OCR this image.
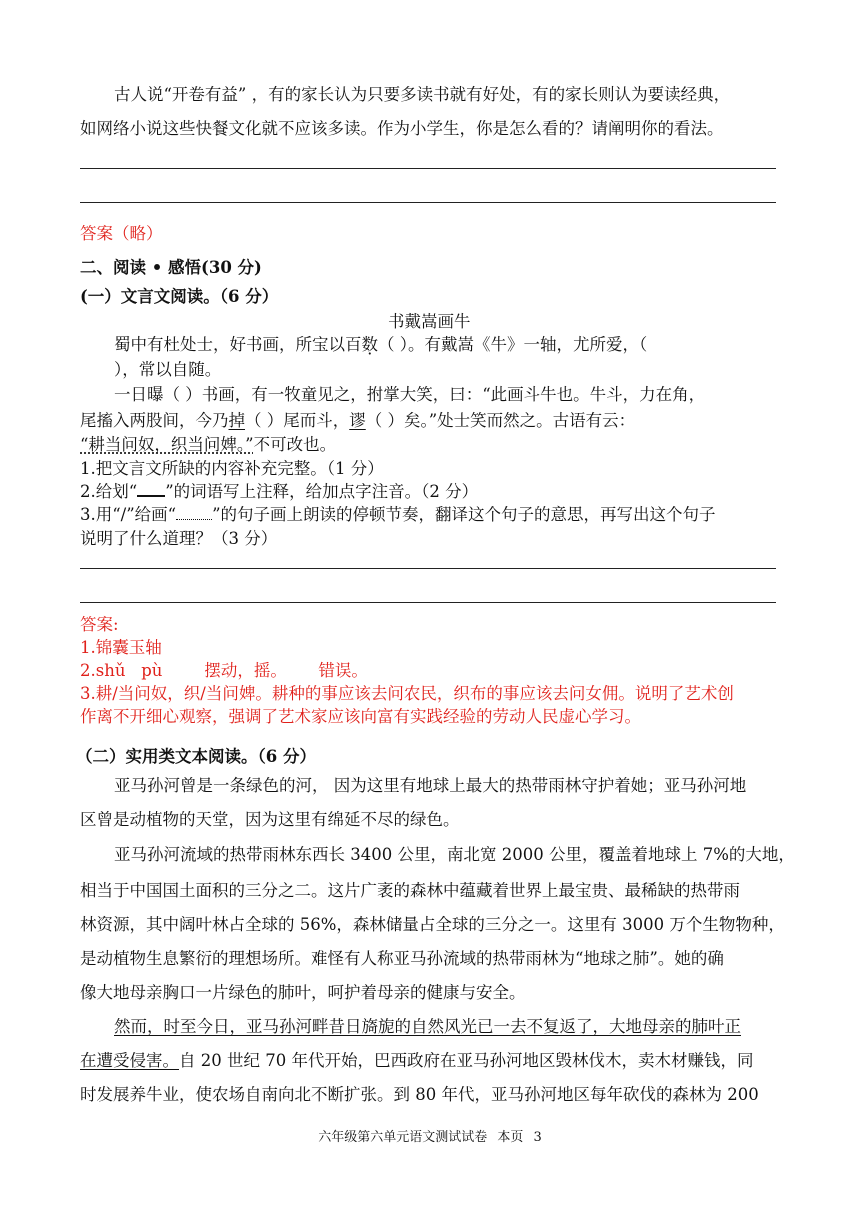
古人说“开卷有益” ，有的家长认为只要多读书就有好处，有的家长则认为要读经典，
如网络小说这些快餐文化就不应该多读。作为小学生，你是怎么看的？请阐明你的看法。
答案（略）
二、阅读 • 感悟(30 分)
(一）文言文阅读。（6 分）
书戴嵩画牛
蜀中有杜处士，好书画，所宝以百数（ ）。有戴嵩《牛》一轴，尤所爱，（
），常以自随。
一日曝（ ）书画，有一牧童见之，拊掌大笑，曰：“此画斗牛也。牛斗，力在角，
尾搐入两股间，今乃掉（ ）尾而斗，谬（ ）矣。”处士笑而然之。古语有云：
“耕当问奴，织当问婢。”不可改也。
1.把文言文所缺的内容补充完整。（1 分）
2.给划“ ”的词语写上注释，给加点字注音。（2 分）
3.用“/”给画“ ”的句子画上朗读的停顿节奏，翻译这个句子的意思，再写出这个句子
说明了什么道理？（3 分）
答案:
1.锦囊玉轴
2.shǔ   pù        摆动，摇。      错误。
3.耕/当问奴，织/当问婢。耕种的事应该去问农民，织布的事应该去问女佣。说明了艺术创
作离不开细心观察，强调了艺术家应该向富有实践经验的劳动人民虚心学习。
（二）实用类文本阅读。（6 分）
亚马孙河曾是一条绿色的河， 因为这里有地球上最大的热带雨林守护着她；亚马孙河地
区曾是动植物的天堂，因为这里有绵延不尽的绿色。
亚马孙河流域的热带雨林东西长 3400 公里，南北宽 2000 公里，覆盖着地球上 7%的大地，
相当于中国国土面积的三分之二。这片广袤的森林中蕴藏着世界上最宝贵、最稀缺的热带雨
林资源，其中阔叶林占全球的 56%，森林储量占全球的三分之一。这里有 3000 万个生物物种，
是动植物生息繁衍的理想场所。难怪有人称亚马孙流域的热带雨林为“地球之肺”。她的确
像大地母亲胸口一片绿色的肺叶，呵护着母亲的健康与安全。
然而，时至今日，亚马孙河畔昔日旖旎的自然风光已一去不复返了，大地母亲的肺叶正
在遭受侵害。自 20 世纪 70 年代开始，巴西政府在亚马孙河地区毁林伐木，卖木材赚钱，同
时发展养牛业，使农场自南向北不断扩张。到 80 年代，亚马孙河地区每年砍伐的森林为 200
六年级第六单元语文测试试卷 本页 3
